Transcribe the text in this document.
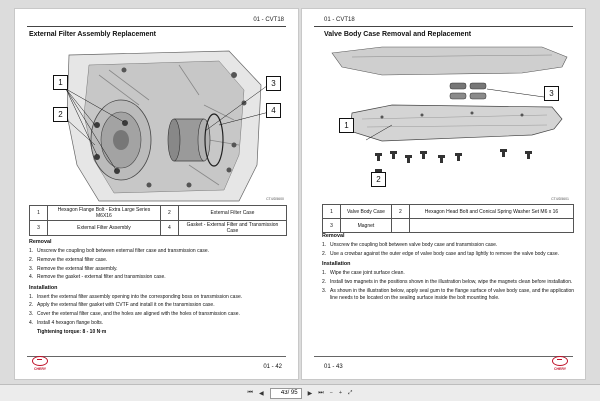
01 - CVT18
External Filter Assembly Replacement
1
2
3
4
CT4/D5600
1	Hexagon Flange Bolt - Extra Large Series M6X16	2	External Filter Case
3	External Filter Assembly	4	Gasket - External Filter and Transmission Case
Removal
1. Unscrew the coupling bolt between external filter case and transmission case.
2. Remove the external filter case.
3. Remove the external filter assembly.
4. Remove the gasket - external filter and transmission case.
Installation
1. Insert the external filter assembly opening into the corresponding boss on transmission case.
2. Apply the external filter gasket with CVTF and install it on the transmission case.
3. Cover the external filter case, and the holes are aligned with the holes of transmission case.
4. Install 4 hexagon flange bolts.
Tightening torque: 8 - 10 N·m
CHERY	01 - 42
01 - CVT18
Valve Body Case Removal and Replacement
1
2
3
CT4/D5601
1	Valve Body Case	2	Hexagon Head Bolt and Conical Spring Washer Set M6 x 16
3	Magnet		
Removal
1. Unscrew the coupling bolt between valve body case and transmission case.
2. Use a crowbar against the outer edge of valve body case and tap lightly to remove the valve body case.
Installation
1. Wipe the case joint surface clean.
2. Install two magnets in the positions shown in the illustration below, wipe the magnets clean before installation.
3. As shown in the illustration below, apply seal gum to the flange surface of valve body case, and the application line needs to be located on the sealing surface inside the bolt mounting hole.
01 - 43	CHERY
⏮ ◀
43	/ 95 ▶ ⏭ − + ⤢
